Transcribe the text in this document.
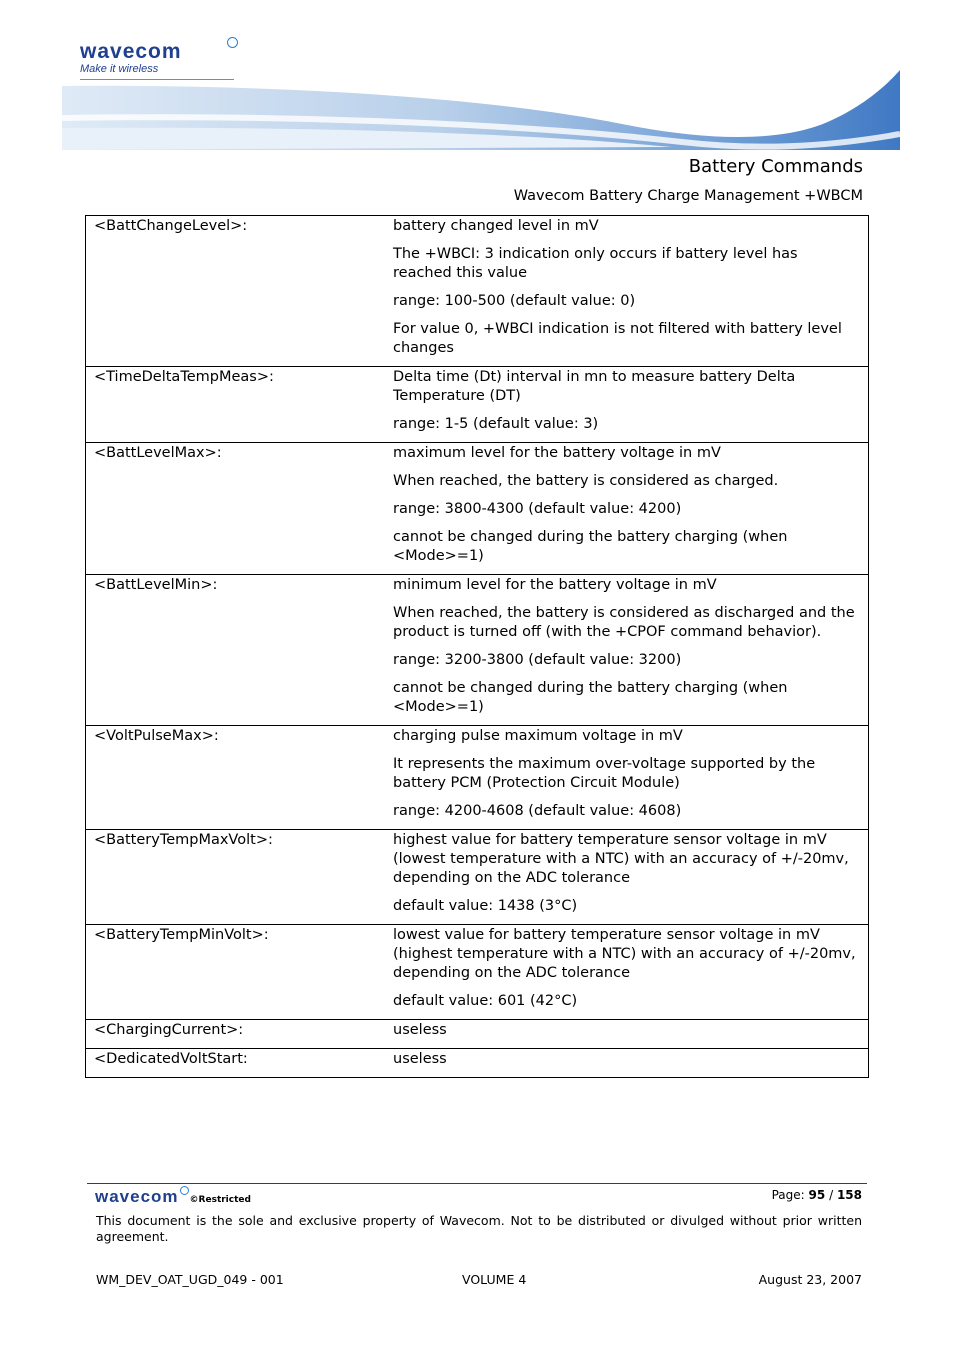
wavecom
Make it wireless
Battery Commands
Wavecom Battery Charge Management +WBCM
<BattChangeLevel>:	battery changed level in mV

The +WBCI: 3 indication only occurs if battery level has reached this value

range: 100-500 (default value: 0)

For value 0, +WBCI indication is not filtered with battery level changes

<TimeDeltaTempMeas>:	Delta time (Dt) interval in mn to measure battery Delta Temperature (DT)

range: 1-5 (default value: 3)

<BattLevelMax>:	maximum level for the battery voltage in mV

When reached, the battery is considered as charged.

range: 3800-4300 (default value: 4200)

cannot be changed during the battery charging (when <Mode>=1)

<BattLevelMin>:	minimum level for the battery voltage in mV

When reached, the battery is considered as discharged and the product is turned off (with the +CPOF command behavior).

range: 3200-3800 (default value: 3200)

cannot be changed during the battery charging (when <Mode>=1)

<VoltPulseMax>:	charging pulse maximum voltage in mV

It represents the maximum over-voltage supported by the battery PCM (Protection Circuit Module)

range: 4200-4608 (default value: 4608)

<BatteryTempMaxVolt>:	highest value for battery temperature sensor voltage in mV (lowest temperature with a NTC) with an accuracy of +/-20mv, depending on the ADC tolerance

default value: 1438 (3°C)

<BatteryTempMinVolt>:	lowest value for battery temperature sensor voltage in mV (highest temperature with a NTC) with an accuracy of +/-20mv, depending on the ADC tolerance

default value: 601 (42°C)

<ChargingCurrent>:	useless

<DedicatedVoltStart:	useless

wavecom ©Restricted	Page: 95 / 158
This document is the sole and exclusive property of Wavecom. Not to be distributed or divulged without prior written agreement.
WM_DEV_OAT_UGD_049 - 001	VOLUME 4	August 23, 2007
